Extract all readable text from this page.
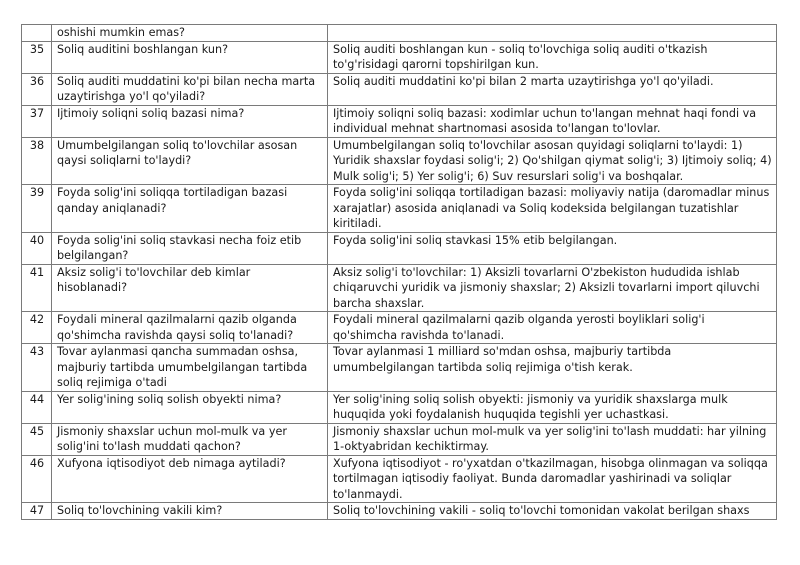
	oshishi mumkin emas?	
35	Soliq auditini boshlangan kun?	Soliq auditi boshlangan kun - soliq to'lovchiga soliq auditi o'tkazish to'g'risidagi qarorni topshirilgan kun.
36	Soliq auditi muddatini ko'pi bilan necha marta uzaytirishga yo'l qo'yiladi?	Soliq auditi muddatini ko'pi bilan 2 marta uzaytirishga yo'l qo'yiladi.
37	Ijtimoiy soliqni soliq bazasi nima?	Ijtimoiy soliqni soliq bazasi: xodimlar uchun to'langan mehnat haqi fondi va individual mehnat shartnomasi asosida to'langan to'lovlar.
38	Umumbelgilangan soliq to'lovchilar asosan qaysi soliqlarni to'laydi?	Umumbelgilangan soliq to'lovchilar asosan quyidagi soliqlarni to'laydi: 1) Yuridik shaxslar foydasi solig'i; 2) Qo'shilgan qiymat solig'i; 3) Ijtimoiy soliq; 4) Mulk solig'i; 5) Yer solig'i; 6) Suv resurslari solig'i va boshqalar.
39	Foyda solig'ini soliqqa tortiladigan bazasi qanday aniqlanadi?	Foyda solig'ini soliqqa tortiladigan bazasi: moliyaviy natija (daromadlar minus xarajatlar) asosida aniqlanadi va Soliq kodeksida belgilangan tuzatishlar kiritiladi.
40	Foyda solig'ini soliq stavkasi necha foiz etib belgilangan?	Foyda solig'ini soliq stavkasi 15% etib belgilangan.
41	Aksiz solig'i to'lovchilar deb kimlar hisoblanadi?	Aksiz solig'i to'lovchilar: 1) Aksizli tovarlarni O'zbekiston hududida ishlab chiqaruvchi yuridik va jismoniy shaxslar; 2) Aksizli tovarlarni import qiluvchi barcha shaxslar.
42	Foydali mineral qazilmalarni qazib olganda qo'shimcha ravishda qaysi soliq to'lanadi?	Foydali mineral qazilmalarni qazib olganda yerosti boyliklari solig'i qo'shimcha ravishda to'lanadi.
43	Tovar aylanmasi qancha summadan oshsa, majburiy tartibda umumbelgilangan tartibda soliq rejimiga o'tadi	Tovar aylanmasi 1 milliard so'mdan oshsa, majburiy tartibda umumbelgilangan tartibda soliq rejimiga o'tish kerak.
44	Yer solig'ining soliq solish obyekti nima?	Yer solig'ining soliq solish obyekti: jismoniy va yuridik shaxslarga mulk huquqida yoki foydalanish huquqida tegishli yer uchastkasi.
45	Jismoniy shaxslar uchun mol-mulk va yer solig'ini to'lash muddati qachon?	Jismoniy shaxslar uchun mol-mulk va yer solig'ini to'lash muddati: har yilning 1-oktyabridan kechiktirmay.
46	Xufyona iqtisodiyot deb nimaga aytiladi?	Xufyona iqtisodiyot - ro'yxatdan o'tkazilmagan, hisobga olinmagan va soliqqa tortilmagan iqtisodiy faoliyat. Bunda daromadlar yashirinadi va soliqlar to'lanmaydi.
47	Soliq to'lovchining vakili kim?	Soliq to'lovchining vakili - soliq to'lovchi tomonidan vakolat berilgan shaxs
